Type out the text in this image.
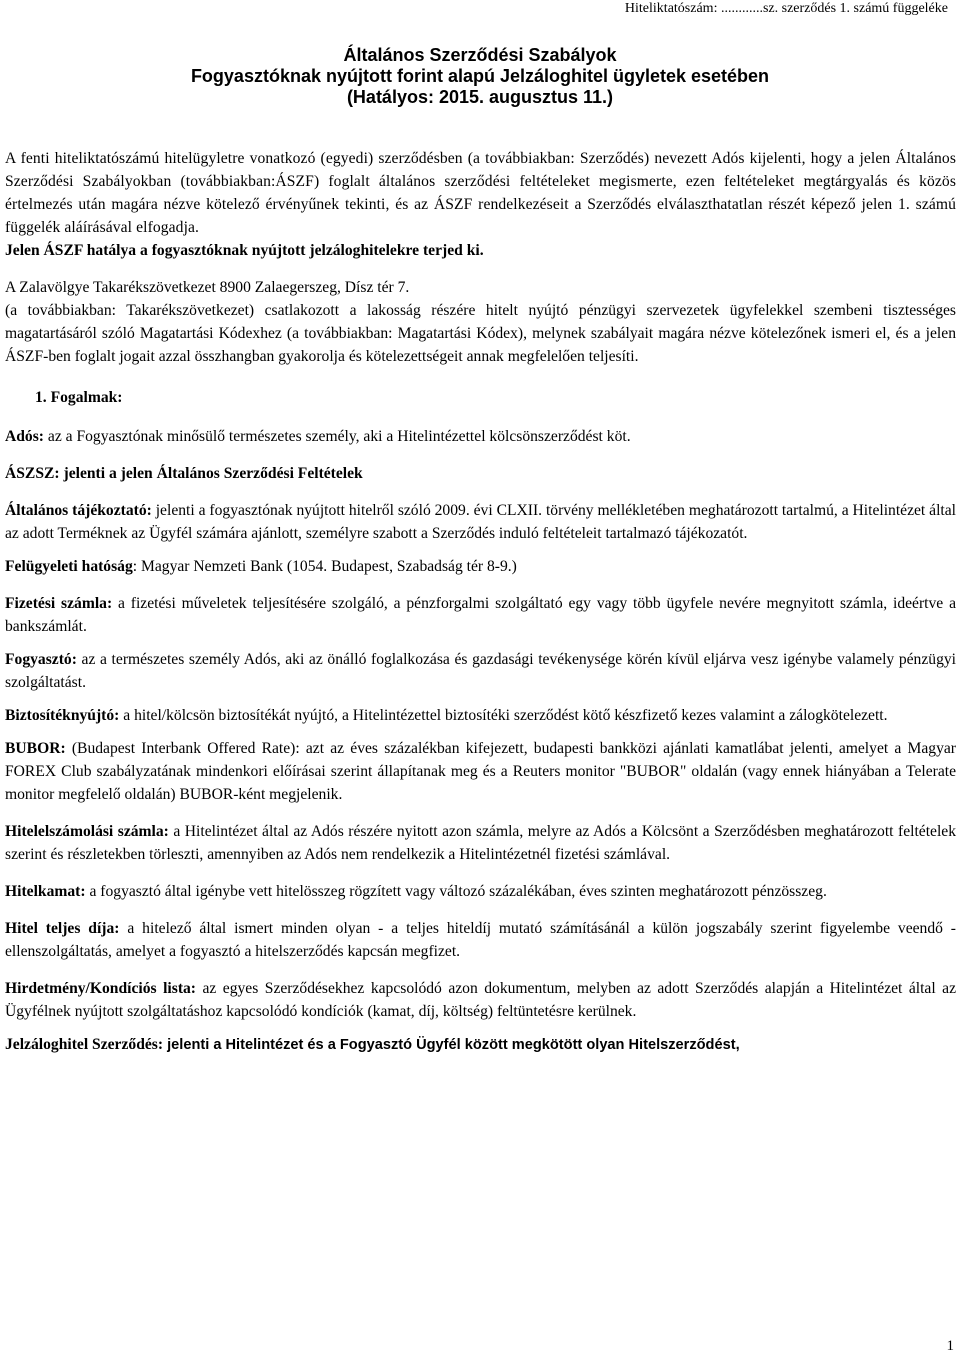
Hiteliktatószám: ............sz. szerződés 1. számú függeléke
Általános Szerződési Szabályok
Fogyasztóknak nyújtott forint alapú Jelzáloghitel ügyletek esetében
(Hatályos: 2015. augusztus 11.)

A fenti hiteliktatószámú hitelügyletre vonatkozó (egyedi) szerződésben (a továbbiakban: Szerződés) nevezett Adós kijelenti, hogy a jelen Általános Szerződési Szabályokban (továbbiakban:ÁSZF) foglalt általános szerződési feltételeket megismerte, ezen feltételeket megtárgyalás és közös értelmezés után magára nézve kötelező érvényűnek tekinti, és az ÁSZF rendelkezéseit a Szerződés elválaszthatatlan részét képező jelen 1. számú függelék aláírásával elfogadja.

Jelen ÁSZF hatálya a fogyasztóknak nyújtott jelzáloghitelekre terjed ki.

A Zalavölgye Takarékszövetkezet 8900 Zalaegerszeg, Dísz tér 7.

(a továbbiakban: Takarékszövetkezet) csatlakozott a lakosság részére hitelt nyújtó pénzügyi szervezetek ügyfelekkel szembeni tisztességes magatartásáról szóló Magatartási Kódexhez (a továbbiakban: Magatartási Kódex), melynek szabályait magára nézve kötelezőnek ismeri el, és a jelen ÁSZF-ben foglalt jogait azzal összhangban gyakorolja és kötelezettségeit annak megfelelően teljesíti.

1. Fogalmak:

Adós: az a Fogyasztónak minősülő természetes személy, aki a Hitelintézettel kölcsönszerződést köt.

ÁSZSZ: jelenti a jelen Általános Szerződési Feltételek

Általános tájékoztató: jelenti a fogyasztónak nyújtott hitelről szóló 2009. évi CLXII. törvény mellékletében meghatározott tartalmú, a Hitelintézet által az adott Terméknek az Ügyfél számára ajánlott, személyre szabott a Szerződés induló feltételeit tartalmazó tájékozatót.

Felügyeleti hatóság: Magyar Nemzeti Bank (1054. Budapest, Szabadság tér 8-9.)

Fizetési számla: a fizetési műveletek teljesítésére szolgáló, a pénzforgalmi szolgáltató egy vagy több ügyfele nevére megnyitott számla, ideértve a bankszámlát.

Fogyasztó: az a természetes személy Adós, aki az önálló foglalkozása és gazdasági tevékenysége körén kívül eljárva vesz igénybe valamely pénzügyi szolgáltatást.

Biztosítéknyújtó: a hitel/kölcsön biztosítékát nyújtó, a Hitelintézettel biztosítéki szerződést kötő készfizető kezes valamint a zálogkötelezett.

BUBOR: (Budapest Interbank Offered Rate): azt az éves százalékban kifejezett, budapesti bankközi ajánlati kamatlábat jelenti, amelyet a Magyar FOREX Club szabályzatának mindenkori előírásai szerint állapítanak meg és a Reuters monitor "BUBOR" oldalán (vagy ennek hiányában a Telerate monitor megfelelő oldalán) BUBOR-ként megjelenik.

Hitelelszámolási számla: a Hitelintézet által az Adós részére nyitott azon számla, melyre az Adós a Kölcsönt a Szerződésben meghatározott feltételek szerint és részletekben törleszti, amennyiben az Adós nem rendelkezik a Hitelintézetnél fizetési számlával.

Hitelkamat: a fogyasztó által igénybe vett hitelösszeg rögzített vagy változó százalékában, éves szinten meghatározott pénzösszeg.

Hitel teljes díja: a hitelező által ismert minden olyan - a teljes hiteldíj mutató számításánál a külön jogszabály szerint figyelembe veendő - ellenszolgáltatás, amelyet a fogyasztó a hitelszerződés kapcsán megfizet.

Hirdetmény/Kondíciós lista: az egyes Szerződésekhez kapcsolódó azon dokumentum, melyben az adott Szerződés alapján a Hitelintézet által az Ügyfélnek nyújtott szolgáltatáshoz kapcsolódó kondíciók (kamat, díj, költség) feltüntetésre kerülnek.

Jelzáloghitel Szerződés: jelenti a Hitelintézet és a Fogyasztó Ügyfél között megkötött olyan Hitelszerződést,

1
